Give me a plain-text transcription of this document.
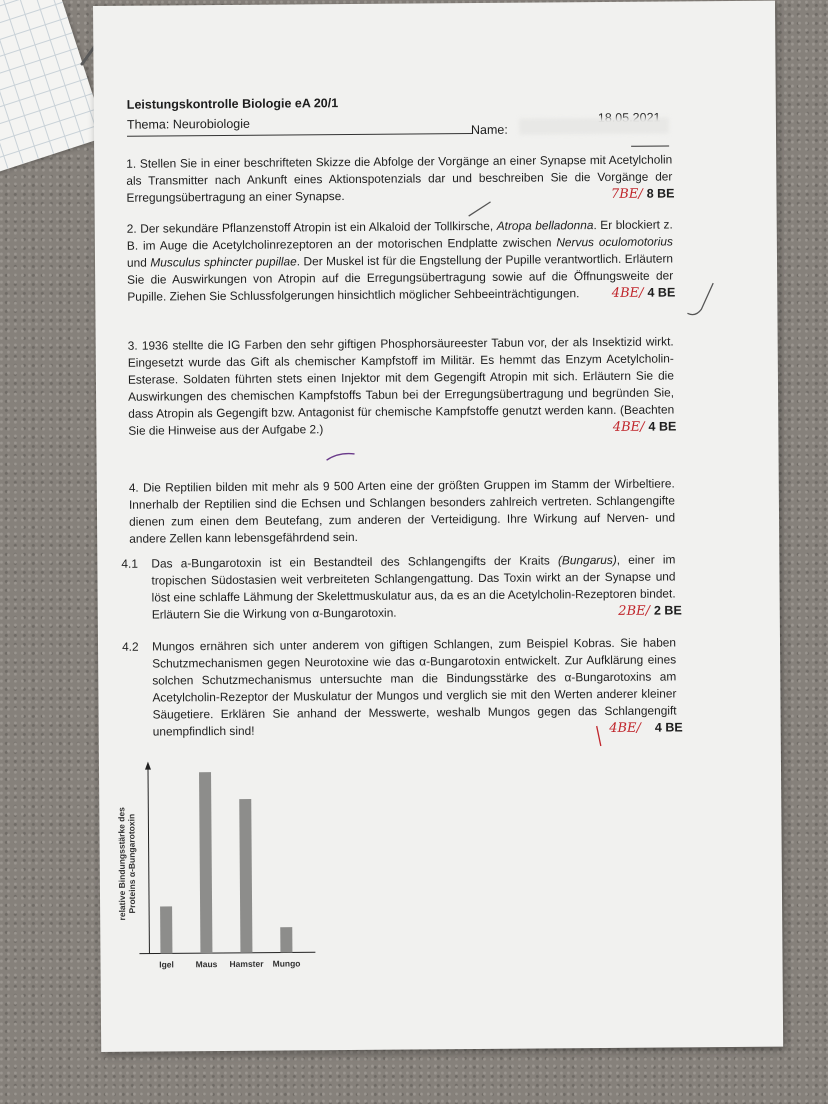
Leistungskontrolle Biologie eA 20/1
Thema: Neurobiologie	Name:
1. Stellen Sie in einer beschrifteten Skizze die Abfolge der Vorgänge an einer Synapse mit Acetylcholin als Transmitter nach Ankunft eines Aktionspotenzials dar und beschreiben Sie die Vorgänge der Erregungsübertragung an einer Synapse.	7BE/ 8 BE
2. Der sekundäre Pflanzenstoff Atropin ist ein Alkaloid der Tollkirsche, Atropa belladonna. Er blockiert z. B. im Auge die Acetylcholinrezeptoren an der motorischen Endplatte zwischen Nervus oculomotorius und Musculus sphincter pupillae. Der Muskel ist für die Engstellung der Pupille verantwortlich. Erläutern Sie die Auswirkungen von Atropin auf die Erregungsübertragung sowie auf die Öffnungsweite der Pupille. Ziehen Sie Schlussfolgerungen hinsichtlich möglicher Sehbeeinträchtigungen. 4BE/ 4 BE
3. 1936 stellte die IG Farben den sehr giftigen Phosphorsäureester Tabun vor, der als Insektizid wirkt. Eingesetzt wurde das Gift als chemischer Kampfstoff im Militär. Es hemmt das Enzym Acetylcholin-Esterase. Soldaten führten stets einen Injektor mit dem Gegengift Atropin mit sich. Erläutern Sie die Auswirkungen des chemischen Kampfstoffs Tabun bei der Erregungsübertragung und begründen Sie, dass Atropin als Gegengift bzw. Antagonist für chemische Kampfstoffe genutzt werden kann. (Beachten Sie die Hinweise aus der Aufgabe 2.)	4BE/ 4 BE
4. Die Reptilien bilden mit mehr als 9 500 Arten eine der größten Gruppen im Stamm der Wirbeltiere. Innerhalb der Reptilien sind die Echsen und Schlangen besonders zahlreich vertreten. Schlangengifte dienen zum einen dem Beutefang, zum anderen der Verteidigung. Ihre Wirkung auf Nerven- und andere Zellen kann lebensgefährdend sein.
4.1 Das a-Bungarotoxin ist ein Bestandteil des Schlangengifts der Kraits (Bungarus), einer im tropischen Südostasien weit verbreiteten Schlangengattung. Das Toxin wirkt an der Synapse und löst eine schlaffe Lähmung der Skelettmuskulatur aus, da es an die Acetylcholin-Rezeptoren bindet. Erläutern Sie die Wirkung von α-Bungarotoxin.	2BE/ 2 BE
4.2 Mungos ernähren sich unter anderem von giftigen Schlangen, zum Beispiel Kobras. Sie haben Schutzmechanismen gegen Neurotoxine wie das α-Bungarotoxin entwickelt. Zur Aufklärung eines solchen Schutzmechanismus untersuchte man die Bindungsstärke des α-Bungarotoxins am Acetylcholin-Rezeptor der Muskulatur der Mungos und verglich sie mit den Werten anderer kleiner Säugetiere. Erklären Sie anhand der Messwerte, weshalb Mungos gegen das Schlangengift unempfindlich sind!	4BE/ 4 BE
relative Bindungsstärke des Proteins α-Bungarotoxin
Igel	Maus Hamster Mungo
